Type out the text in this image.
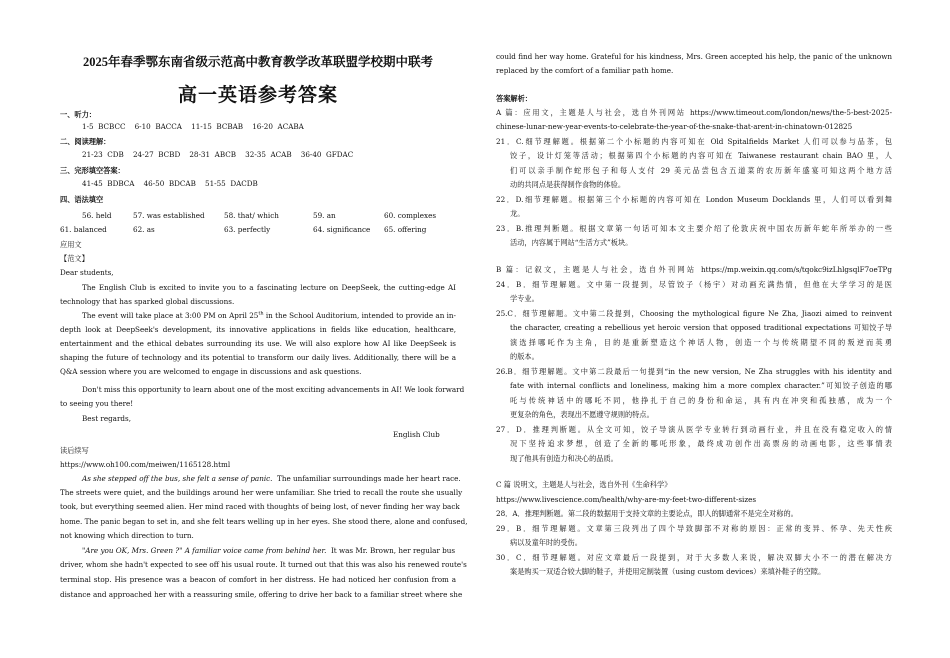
2025年春季鄂东南省级示范高中教育教学改革联盟学校期中联考
高一英语参考答案
一、听力：
1-5  BCBCC    6-10  BACCA    11-15  BCBAB    16-20  ACABA
二、阅读理解：
21-23  CDB    24-27  BCBD    28-31  ABCB    32-35  ACAB    36-40  GFDAC
三、完形填空答案：
41-45  BDBCA    46-50  BDCAB    51-55  DACDB
四、语法填空
56. held	57. was established	58. that/ which	59. an	60. complexes
61. balanced	62. as	63. perfectly	64. significance 65. offering
应用文
【范文】
Dear students,
The English Club is excited to invite you to a fascinating lecture on DeepSeek, the cutting-edge AI
technology that has sparked global discussions.
The event will take place at 3:00 PM on April 25th in the School Auditorium, intended to provide an in-
depth look at DeepSeek's development, its innovative applications in fields like education, healthcare,
entertainment and the ethical debates surrounding its use. We will also explore how AI like DeepSeek is
shaping the future of technology and its potential to transform our daily lives. Additionally, there will be a
Q&A session where you are welcomed to engage in discussions and ask questions.
Don't miss this opportunity to learn about one of the most exciting advancements in AI! We look forward
to seeing you there!
Best regards,
English Club
读后续写
https://www.oh100.com/meiwen/1165128.html
As she stepped off the bus, she felt a sense of panic.  The unfamiliar surroundings made her heart race.
The streets were quiet, and the buildings around her were unfamiliar. She tried to recall the route she usually
took, but everything seemed alien. Her mind raced with thoughts of being lost, of never finding her way back
home. The panic began to set in, and she felt tears welling up in her eyes. She stood there, alone and confused,
not knowing which direction to turn.
"Are you OK, Mrs. Green ?" A familiar voice came from behind her.  It was Mr. Brown, her regular bus
driver, whom she hadn't expected to see off his usual route. It turned out that this was also his renewed route's
terminal stop. His presence was a beacon of comfort in her distress. He had noticed her confusion from a
distance and approached her with a reassuring smile, offering to drive her back to a familiar street where she
could find her way home. Grateful for his kindness, Mrs. Green accepted his help, the panic of the unknown
replaced by the comfort of a familiar path home.
答案解析：
A 篇：应用文，主题是人与社会，选自外刊网站 https://www.timeout.com/london/news/the-5-best-2025-
chinese-lunar-new-year-events-to-celebrate-the-year-of-the-snake-that-arent-in-chinatown-012825
21．C.细节理解题。根据第二个小标题的内容可知在 Old Spitalfields Market 人们可以参与品茶，包
饺子，设计灯笼等活动；根据第四个小标题的内容可知在 Taiwanese restaurant chain BAO 里，人
们可以亲手制作蛇形包子和每人支付 29 美元品尝包含五道菜的农历新年盛宴可知这两个地方活
动的共同点是获得制作食物的体验。
22．D.细节理解题。根据第三个小标题的内容可知在 London Museum Docklands 里，人们可以看到舞
龙。
23．B.推理判断题。根据文章第一句话可知本文主要介绍了伦敦庆祝中国农历新年蛇年所举办的一些
活动，内容属于网站“生活方式”板块。
B 篇：记叙文，主题是人与社会，选自外刊网站 https://mp.weixin.qq.com/s/tqokc9izLhlgsqlF7oeTPg
24．B．细节理解题。文中第一段提到，尽管饺子（杨宇）对动画充满热情，但他在大学学习的是医
学专业。
25.C．细节理解题。文中第二段提到，Choosing the mythological figure Ne Zha, Jiaozi aimed to reinvent
the character, creating a rebellious yet heroic version that opposed traditional expectations 可知饺子导
演选择哪吒作为主角，目的是重新塑造这个神话人物，创造一个与传统期望不同的叛逆而英勇
的版本。
26.B．细节理解题。文中第二段最后一句提到“in the new version, Ne Zha struggles with his identity and
fate with internal conflicts and loneliness, making him a more complex character.”可知饺子创造的哪
吒与传统神话中的哪吒不同，他挣扎于自己的身份和命运，具有内在冲突和孤独感，成为一个
更复杂的角色，表现出不愿遵守规则的特点。
27．D．推理判断题。从全文可知，饺子导演从医学专业转行到动画行业，并且在没有稳定收入的情
况下坚持追求梦想，创造了全新的哪吒形象，最终成功创作出高票房的动画电影，这些事情表
现了他具有创造力和决心的品质。
C 篇 说明文，主题是人与社会，选自外刊《生命科学》
https://www.livescience.com/health/why-are-my-feet-two-different-sizes
28．A．推理判断题。第二段的数据用于支持文章的主要论点，即人的脚通常不是完全对称的。
29．B．细节理解题。文章第三段列出了四个导致脚部不对称的原因：正常的变异、怀孕、先天性疾
病以及童年时的受伤。
30．C．细节理解题。对应文章最后一段提到，对于大多数人来说，解决双脚大小不一的潜在解决方
案是购买一双适合较大脚的鞋子，并使用定制装置（using custom devices）来填补鞋子的空隙。
